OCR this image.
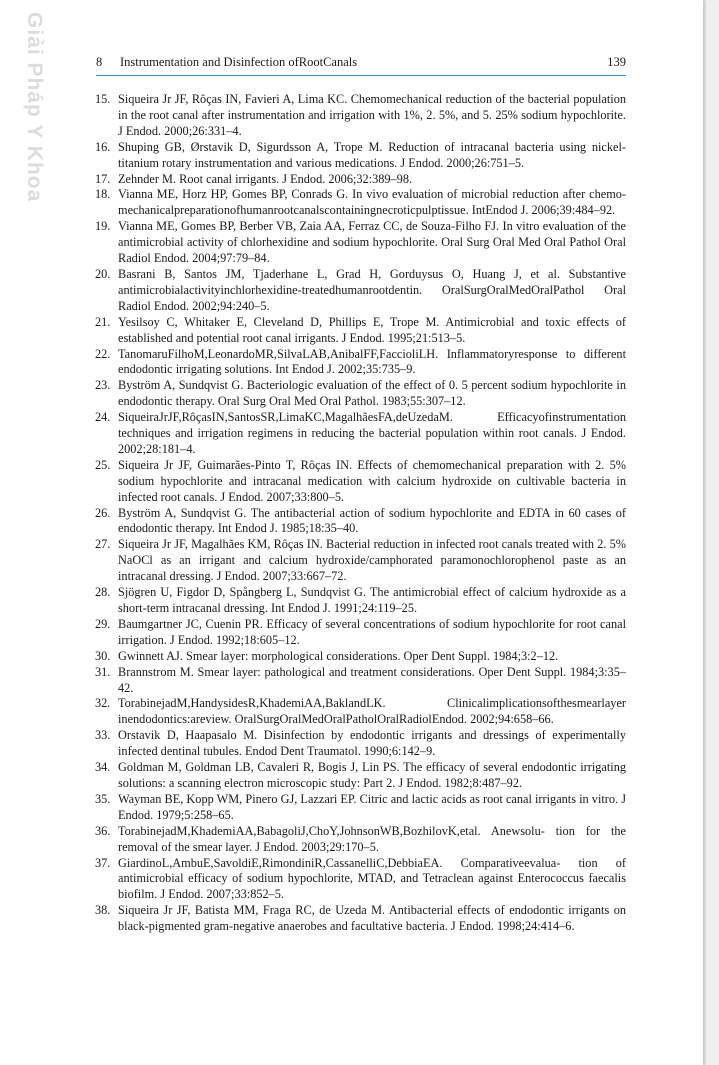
Giải Pháp Y Khoa	8 Instrumentation and Disinfection ofRootCanals	139
15. Siqueira Jr JF, Rôças IN, Favieri A, Lima KC. Chemomechanical reduction of the bacterial population in the root canal after instrumentation and irrigation with 1%, 2. 5%, and 5. 25% sodium hypochlorite. J Endod. 2000;26:331–4.
16. Shuping GB, Ørstavik D, Sigurdsson A, Trope M. Reduction of intracanal bacteria using nickel-titanium rotary instrumentation and various medications. J Endod. 2000;26:751–5.
17. Zehnder M. Root canal irrigants. J Endod. 2006;32:389–98.
18. Vianna ME, Horz HP, Gomes BP, Conrads G. In vivo evaluation of microbial reduction after chemo-mechanicalpreparationofhumanrootcanalscontainingnecroticpulptissue. IntEndod J. 2006;39:484–92.
19. Vianna ME, Gomes BP, Berber VB, Zaia AA, Ferraz CC, de Souza-Filho FJ. In vitro evaluation of the antimicrobial activity of chlorhexidine and sodium hypochlorite. Oral Surg Oral Med Oral Pathol Oral Radiol Endod. 2004;97:79–84.
20. Basrani B, Santos JM, Tjaderhane L, Grad H, Gorduysus O, Huang J, et al. Substantive antimicrobialactivityinchlorhexidine-treatedhumanrootdentin. OralSurgOralMedOralPathol Oral Radiol Endod. 2002;94:240–5.
21. Yesilsoy C, Whitaker E, Cleveland D, Phillips E, Trope M. Antimicrobial and toxic effects of established and potential root canal irrigants. J Endod. 1995;21:513–5.
22. TanomaruFilhoM,LeonardoMR,SilvaLAB,AnibalFF,FaccioliLH. Inflammatoryresponse to different endodontic irrigating solutions. Int Endod J. 2002;35:735–9.
23. Byström A, Sundqvist G. Bacteriologic evaluation of the effect of 0. 5 percent sodium hypochlorite in endodontic therapy. Oral Surg Oral Med Oral Pathol. 1983;55:307–12.
24. SiqueiraJrJF,RôçasIN,SantosSR,LimaKC,MagalhãesFA,deUzedaM. Efficacyofinstrumentation techniques and irrigation regimens in reducing the bacterial population within root canals. J Endod. 2002;28:181–4.
25. Siqueira Jr JF, Guimarães-Pinto T, Rôças IN. Effects of chemomechanical preparation with 2. 5% sodium hypochlorite and intracanal medication with calcium hydroxide on cultivable bacteria in infected root canals. J Endod. 2007;33:800–5.
26. Byström A, Sundqvist G. The antibacterial action of sodium hypochlorite and EDTA in 60 cases of endodontic therapy. Int Endod J. 1985;18:35–40.
27. Siqueira Jr JF, Magalhães KM, Rôças IN. Bacterial reduction in infected root canals treated with 2. 5% NaOCl as an irrigant and calcium hydroxide/camphorated paramonochlorophenol paste as an intracanal dressing. J Endod. 2007;33:667–72.
28. Sjögren U, Figdor D, Spångberg L, Sundqvist G. The antimicrobial effect of calcium hydroxide as a short-term intracanal dressing. Int Endod J. 1991;24:119–25.
29. Baumgartner JC, Cuenin PR. Efficacy of several concentrations of sodium hypochlorite for root canal irrigation. J Endod. 1992;18:605–12.
30. Gwinnett AJ. Smear layer: morphological considerations. Oper Dent Suppl. 1984;3:2–12.
31. Brannstrom M. Smear layer: pathological and treatment considerations. Oper Dent Suppl. 1984;3:35–42.
32. TorabinejadM,HandysidesR,KhademiAA,BaklandLK. Clinicalimplicationsofthesmearlayer inendodontics:areview. OralSurgOralMedOralPatholOralRadiolEndod. 2002;94:658–66.
33. Orstavik D, Haapasalo M. Disinfection by endodontic irrigants and dressings of experimentally infected dentinal tubules. Endod Dent Traumatol. 1990;6:142–9.
34. Goldman M, Goldman LB, Cavaleri R, Bogis J, Lin PS. The efficacy of several endodontic irrigating solutions: a scanning electron microscopic study: Part 2. J Endod. 1982;8:487–92.
35. Wayman BE, Kopp WM, Pinero GJ, Lazzari EP. Citric and lactic acids as root canal irrigants in vitro. J Endod. 1979;5:258–65.
36. TorabinejadM,KhademiAA,BabagoliJ,ChoY,JohnsonWB,BozhilovK,etal. Anewsolu- tion for the removal of the smear layer. J Endod. 2003;29:170–5.
37. GiardinoL,AmbuE,SavoldiE,RimondiniR,CassanelliC,DebbiaEA. Comparativeevalua- tion of antimicrobial efficacy of sodium hypochlorite, MTAD, and Tetraclean against Enterococcus faecalis biofilm. J Endod. 2007;33:852–5.
38. Siqueira Jr JF, Batista MM, Fraga RC, de Uzeda M. Antibacterial effects of endodontic irrigants on black-pigmented gram-negative anaerobes and facultative bacteria. J Endod. 1998;24:414–6.
